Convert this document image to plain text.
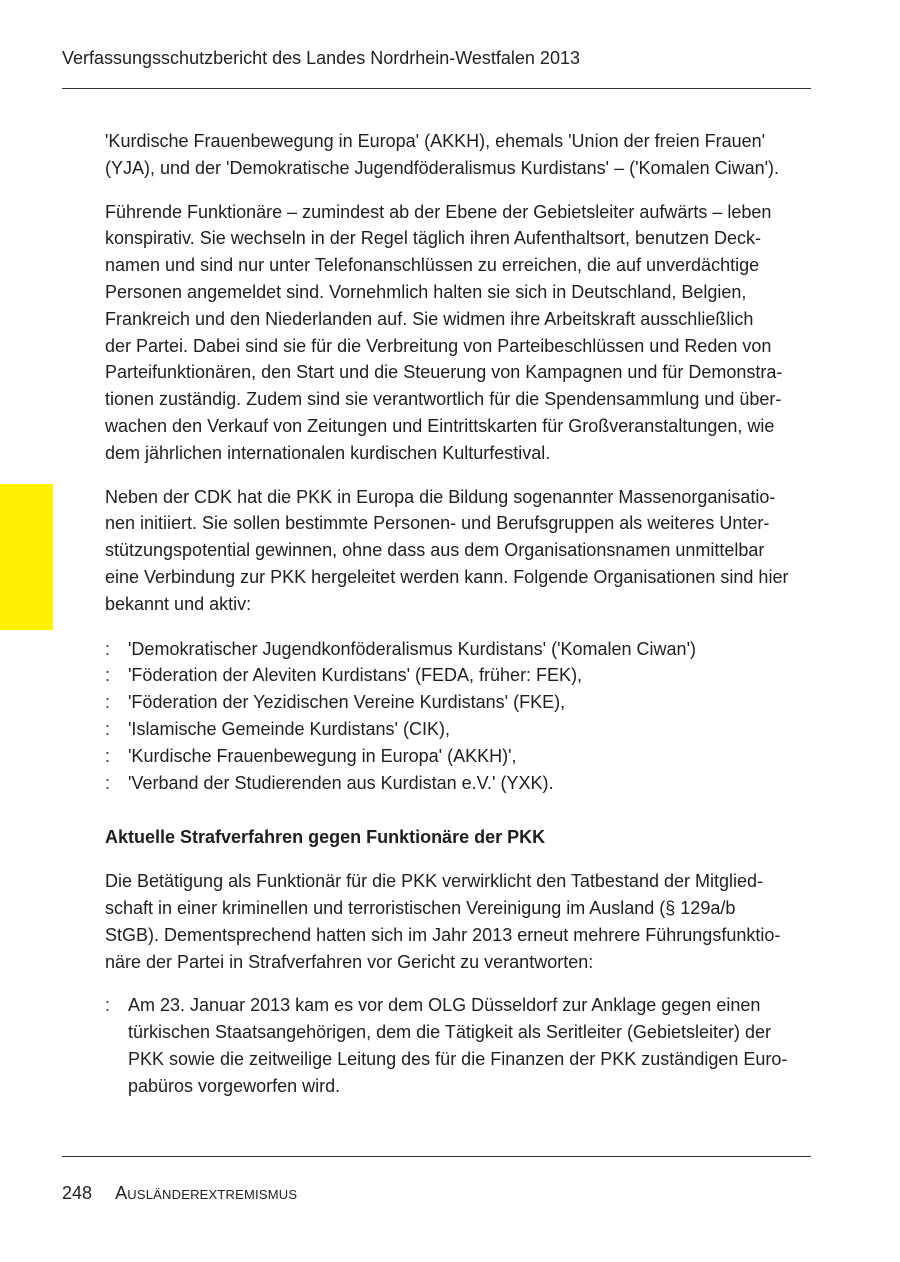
Verfassungsschutzbericht des Landes Nordrhein-Westfalen 2013

'Kurdische Frauenbewegung in Europa' (AKKH), ehemals 'Union der freien Frauen'
(YJA), und der 'Demokratische Jugendföderalismus Kurdistans' – ('Komalen Ciwan').

Führende Funktionäre – zumindest ab der Ebene der Gebietsleiter aufwärts – leben
konspirativ. Sie wechseln in der Regel täglich ihren Aufenthaltsort, benutzen Deck-
namen und sind nur unter Telefonanschlüssen zu erreichen, die auf unverdächtige
Personen angemeldet sind. Vornehmlich halten sie sich in Deutschland, Belgien,
Frankreich und den Niederlanden auf. Sie widmen ihre Arbeitskraft ausschließlich
der Partei. Dabei sind sie für die Verbreitung von Parteibeschlüssen und Reden von
Parteifunktionären, den Start und die Steuerung von Kampagnen und für Demonstra-
tionen zuständig. Zudem sind sie verantwortlich für die Spendensammlung und über-
wachen den Verkauf von Zeitungen und Eintrittskarten für Großveranstaltungen, wie
dem jährlichen internationalen kurdischen Kulturfestival.

Neben der CDK hat die PKK in Europa die Bildung sogenannter Massenorganisatio-
nen initiiert. Sie sollen bestimmte Personen- und Berufsgruppen als weiteres Unter-
stützungspotential gewinnen, ohne dass aus dem Organisationsnamen unmittelbar
eine Verbindung zur PKK hergeleitet werden kann. Folgende Organisationen sind hier
bekannt und aktiv:

: 'Demokratischer Jugendkonföderalismus Kurdistans' ('Komalen Ciwan')
: 'Föderation der Aleviten Kurdistans' (FEDA, früher: FEK),
: 'Föderation der Yezidischen Vereine Kurdistans' (FKE),
: 'Islamische Gemeinde Kurdistans' (CIK),
: 'Kurdische Frauenbewegung in Europa' (AKKH)',
: 'Verband der Studierenden aus Kurdistan e.V.' (YXK).
Aktuelle Strafverfahren gegen Funktionäre der PKK

Die Betätigung als Funktionär für die PKK verwirklicht den Tatbestand der Mitglied-
schaft in einer kriminellen und terroristischen Vereinigung im Ausland (§ 129a/b
StGB). Dementsprechend hatten sich im Jahr 2013 erneut mehrere Führungsfunktio-
näre der Partei in Strafverfahren vor Gericht zu verantworten:

: Am 23. Januar 2013 kam es vor dem OLG Düsseldorf zur Anklage gegen einen
türkischen Staatsangehörigen, dem die Tätigkeit als Seritleiter (Gebietsleiter) der
PKK sowie die zeitweilige Leitung des für die Finanzen der PKK zuständigen Euro-
pabüros vorgeworfen wird.
248 Ausländerextremismus
